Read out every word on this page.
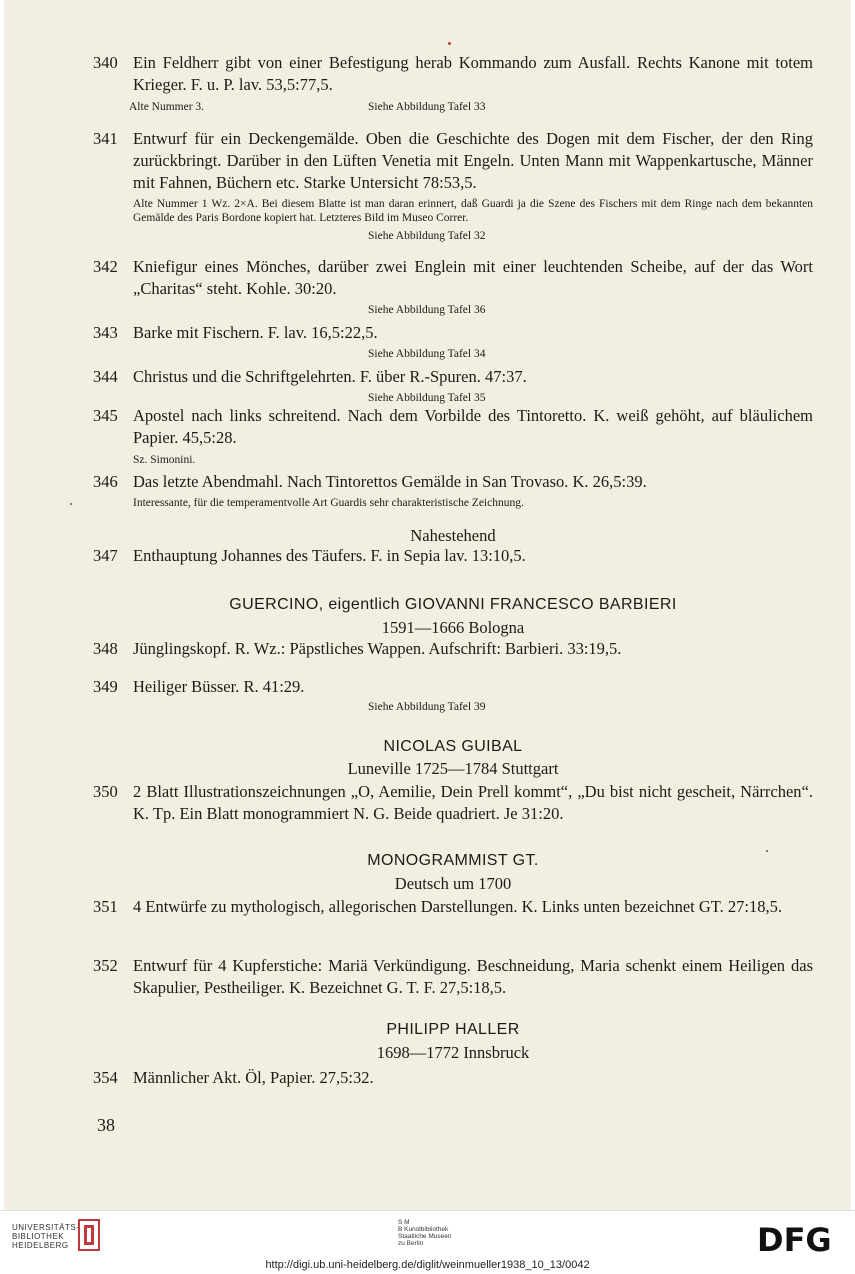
340 Ein Feldherr gibt von einer Befestigung herab Kommando zum Ausfall. Rechts Kanone mit totem Krieger. F. u. P. lav. 53,5:77,5.
Alte Nummer 3.	Siehe Abbildung Tafel 33
341 Entwurf für ein Deckengemälde. Oben die Geschichte des Dogen mit dem Fischer, der den Ring zurückbringt. Darüber in den Lüften Venetia mit Engeln. Unten Mann mit Wappenkartusche, Männer mit Fahnen, Büchern etc. Starke Untersicht 78:53,5.
Alte Nummer 1 Wz. 2×A. Bei diesem Blatte ist man daran erinnert, daß Guardi ja die Szene des Fischers mit dem Ringe nach dem bekannten Gemälde des Paris Bordone kopiert hat. Letzteres Bild im Museo Correr.
Siehe Abbildung Tafel 32
342 Kniefigur eines Mönches, darüber zwei Englein mit einer leuchtenden Scheibe, auf der das Wort „Charitas“ steht. Kohle. 30:20.
Siehe Abbildung Tafel 36
343 Barke mit Fischern. F. lav. 16,5:22,5.
Siehe Abbildung Tafel 34
344 Christus und die Schriftgelehrten. F. über R.-Spuren. 47:37.
Siehe Abbildung Tafel 35
345 Apostel nach links schreitend. Nach dem Vorbilde des Tintoretto. K. weiß gehöht, auf bläulichem Papier. 45,5:28.
Sz. Simonini.
346 Das letzte Abendmahl. Nach Tintorettos Gemälde in San Trovaso. K. 26,5:39.
Interessante, für die temperamentvolle Art Guardis sehr charakteristische Zeichnung.
Nahestehend
347 Enthauptung Johannes des Täufers. F. in Sepia lav. 13:10,5.
GUERCINO, eigentlich GIOVANNI FRANCESCO BARBIERI
1591—1666 Bologna
348 Jünglingskopf. R. Wz.: Päpstliches Wappen. Aufschrift: Barbieri. 33:19,5.
349 Heiliger Büsser. R. 41:29.
Siehe Abbildung Tafel 39
NICOLAS GUIBAL
Luneville 1725—1784 Stuttgart
350 2 Blatt Illustrationszeichnungen „O, Aemilie, Dein Prell kommt“, „Du bist nicht gescheit, Närrchen“. K. Tp. Ein Blatt monogrammiert N. G. Beide quadriert. Je 31:20.
MONOGRAMMIST GT.
Deutsch um 1700
351 4 Entwürfe zu mythologisch, allegorischen Darstellungen. K. Links unten bezeichnet GT. 27:18,5.
352 Entwurf für 4 Kupferstiche: Mariä Verkündigung. Beschneidung, Maria schenkt einem Heiligen das Skapulier, Pestheiliger. K. Bezeichnet G. T. F. 27,5:18,5.
PHILIPP HALLER
1698—1772 Innsbruck
354 Männlicher Akt. Öl, Papier. 27,5:32.
38
UNIVERSITÄTS-
BIBLIOTHEK
HEIDELBERG
S M
B Kunstbibliothek
Staatliche Museen
zu Berlin	DFG
http://digi.ub.uni-heidelberg.de/diglit/weinmueller1938_10_13/0042
